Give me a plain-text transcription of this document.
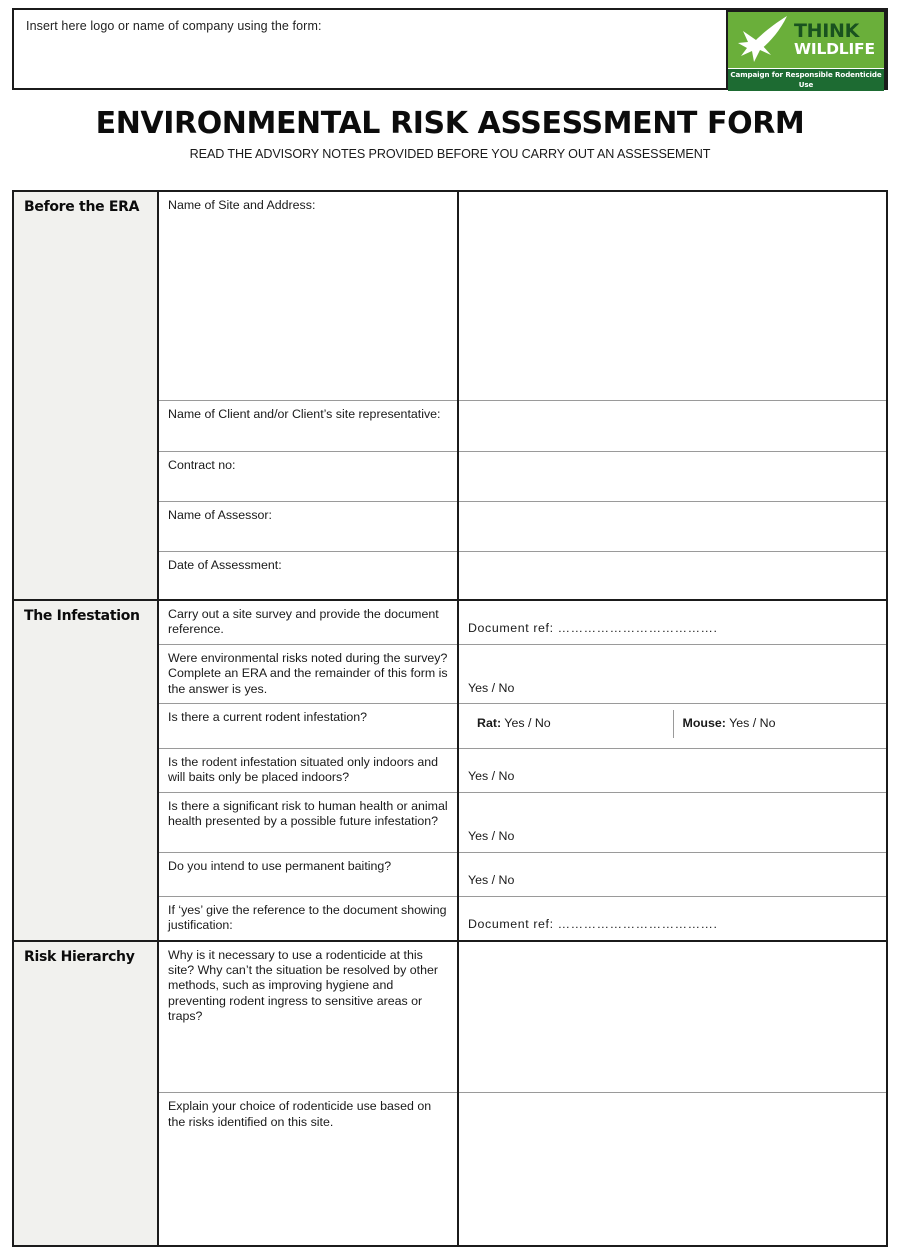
Insert here logo or name of company using the form:	THINK
WILDLIFE
Campaign for Responsible Rodenticide Use
CRRU Stewardship
ENVIRONMENTAL RISK ASSESSMENT FORM
READ THE ADVISORY NOTES PROVIDED BEFORE YOU CARRY OUT AN ASSESSEMENT
Before the ERA	Name of Site and Address:	
Name of Client and/or Client’s site representative:	
Contract no:	
Name of Assessor:	
Date of Assessment:	
The Infestation	Carry out a site survey and provide the document reference.	Document ref: ……………………………….
Were environmental risks noted during the survey? Complete an ERA and the remainder of this form is the answer is yes.	Yes / No
Is there a current rodent infestation?		Rat: Yes / No	Mouse: Yes / No

Is the rodent infestation situated only indoors and will baits only be placed indoors?	Yes / No
Is there a significant risk to human health or animal health presented by a possible future infestation?	Yes / No
Do you intend to use permanent baiting?	Yes / No
If ‘yes’ give the reference to the document showing justification:	Document ref: ……………………………….
Risk Hierarchy	Why is it necessary to use a rodenticide at this site? Why can’t the situation be resolved by other methods, such as improving hygiene and preventing rodent ingress to sensitive areas or traps?	
Explain your choice of rodenticide use based on the risks identified on this site.	
